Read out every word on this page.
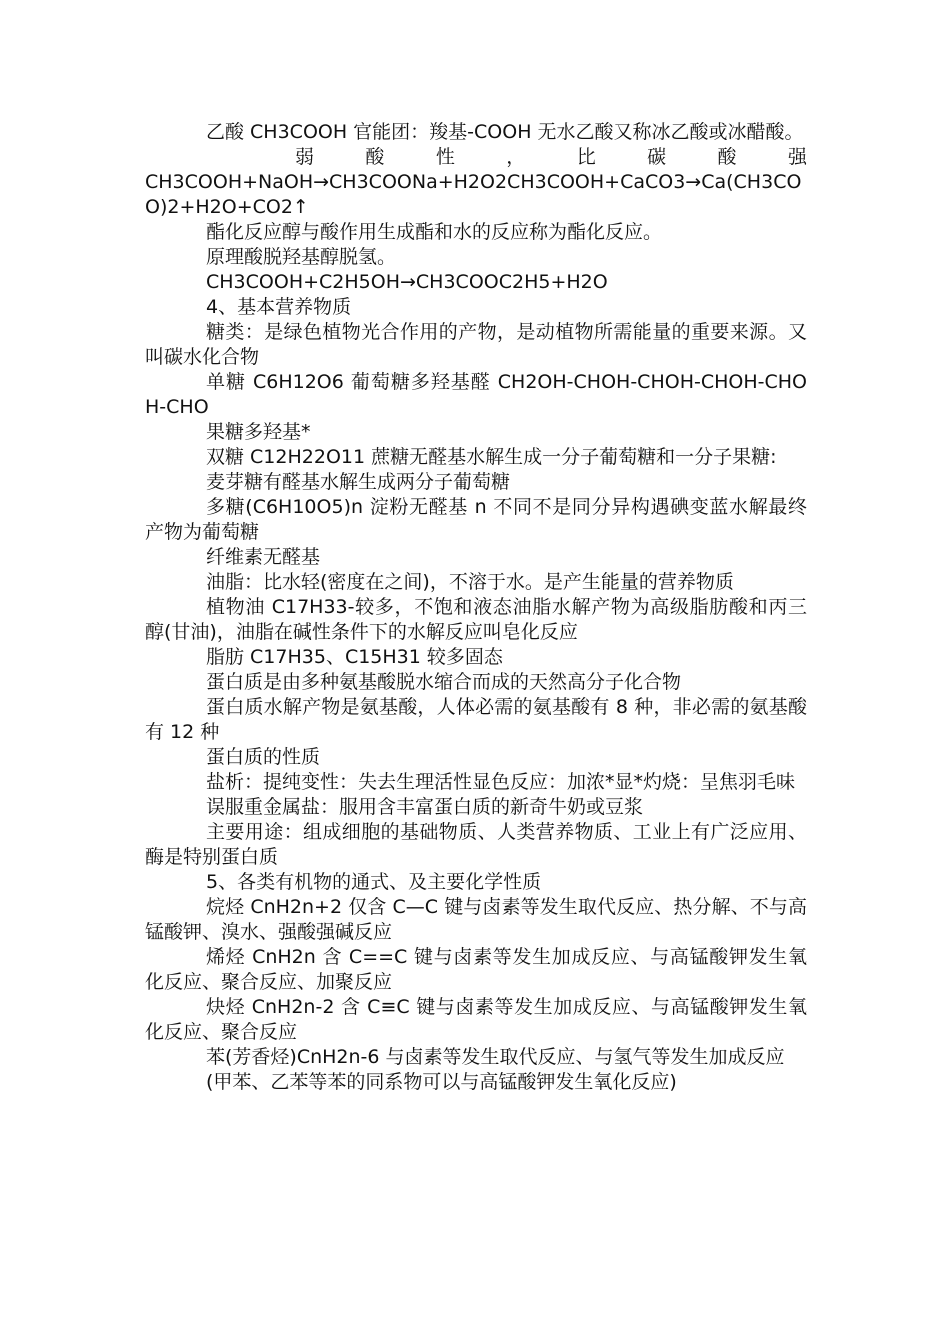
乙酸 CH3COOH 官能团：羧基-COOH 无水乙酸又称冰乙酸或冰醋酸。

弱酸性，比碳酸强

CH3COOH+NaOH→CH3COONa+H2O2CH3COOH+CaCO3→Ca(CH3COO)2+H2O+CO2↑

酯化反应醇与酸作用生成酯和水的反应称为酯化反应。

原理酸脱羟基醇脱氢。

CH3COOH+C2H5OH→CH3COOC2H5+H2O

4、基本营养物质

糖类：是绿色植物光合作用的产物，是动植物所需能量的重要来源。又叫碳水化合物

单糖 C6H12O6 葡萄糖多羟基醛 CH2OH-CHOH-CHOH-CHOH-CHOH-CHO

果糖多羟基*

双糖 C12H22O11 蔗糖无醛基水解生成一分子葡萄糖和一分子果糖:

麦芽糖有醛基水解生成两分子葡萄糖

多糖(C6H10O5)n 淀粉无醛基 n 不同不是同分异构遇碘变蓝水解最终产物为葡萄糖

纤维素无醛基

油脂：比水轻(密度在之间)，不溶于水。是产生能量的营养物质

植物油 C17H33-较多，不饱和液态油脂水解产物为高级脂肪酸和丙三醇(甘油)，油脂在碱性条件下的水解反应叫皂化反应

脂肪 C17H35、C15H31 较多固态

蛋白质是由多种氨基酸脱水缩合而成的天然高分子化合物

蛋白质水解产物是氨基酸，人体必需的氨基酸有 8 种，非必需的氨基酸有 12 种

蛋白质的性质

盐析：提纯变性：失去生理活性显色反应：加浓*显*灼烧：呈焦羽毛味

误服重金属盐：服用含丰富蛋白质的新奇牛奶或豆浆

主要用途：组成细胞的基础物质、人类营养物质、工业上有广泛应用、酶是特别蛋白质

5、各类有机物的通式、及主要化学性质

烷烃 CnH2n+2 仅含 C—C 键与卤素等发生取代反应、热分解、不与高锰酸钾、溴水、强酸强碱反应

烯烃 CnH2n 含 C==C 键与卤素等发生加成反应、与高锰酸钾发生氧化反应、聚合反应、加聚反应

炔烃 CnH2n-2 含 C≡C 键与卤素等发生加成反应、与高锰酸钾发生氧化反应、聚合反应

苯(芳香烃)CnH2n-6 与卤素等发生取代反应、与氢气等发生加成反应

(甲苯、乙苯等苯的同系物可以与高锰酸钾发生氧化反应)
